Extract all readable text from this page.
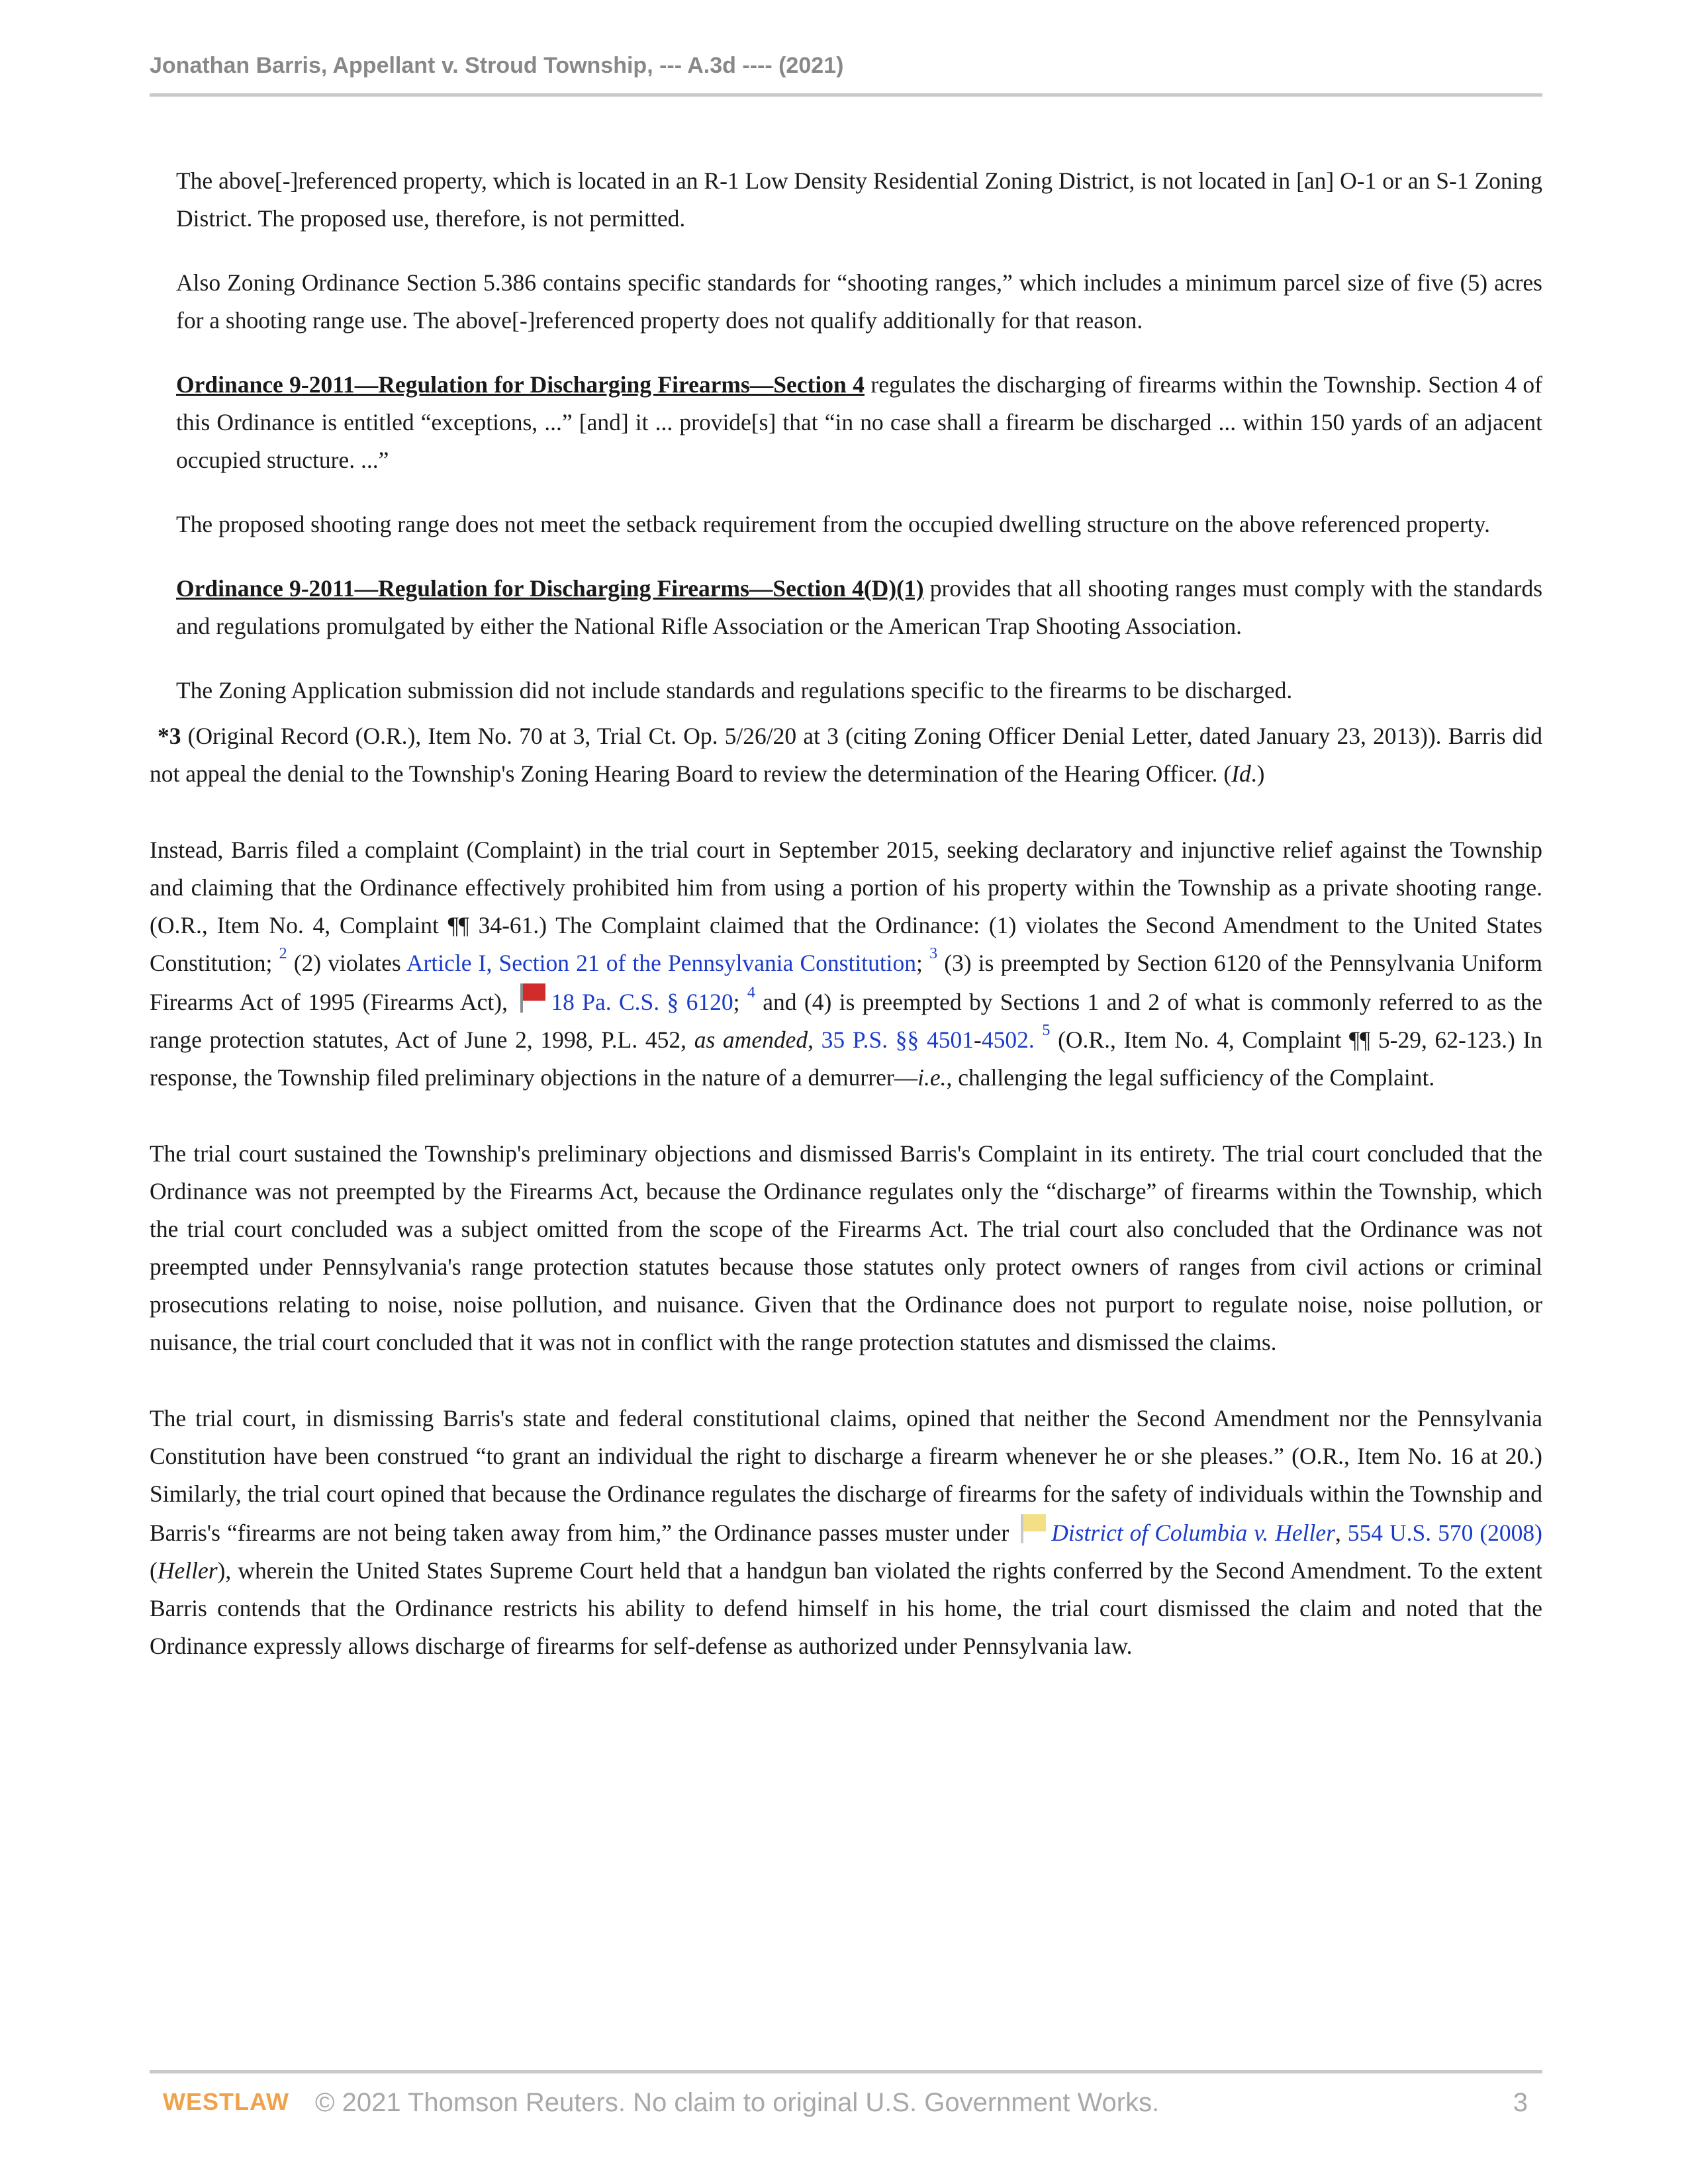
Jonathan Barris, Appellant v. Stroud Township, --- A.3d ---- (2021)

The above[-]referenced property, which is located in an R-1 Low Density Residential Zoning District, is not located in [an] O-1 or an S-1 Zoning District. The proposed use, therefore, is not permitted.

Also Zoning Ordinance Section 5.386 contains specific standards for “shooting ranges,” which includes a minimum parcel size of five (5) acres for a shooting range use. The above[-]referenced property does not qualify additionally for that reason.

Ordinance 9-2011—Regulation for Discharging Firearms—Section 4 regulates the discharging of firearms within the Township. Section 4 of this Ordinance is entitled “exceptions, ...” [and] it ... provide[s] that “in no case shall a firearm be discharged ... within 150 yards of an adjacent occupied structure. ...”

The proposed shooting range does not meet the setback requirement from the occupied dwelling structure on the above referenced property.

Ordinance 9-2011—Regulation for Discharging Firearms—Section 4(D)(1) provides that all shooting ranges must comply with the standards and regulations promulgated by either the National Rifle Association or the American Trap Shooting Association.

The Zoning Application submission did not include standards and regulations specific to the firearms to be discharged.

*3 (Original Record (O.R.), Item No. 70 at 3, Trial Ct. Op. 5/26/20 at 3 (citing Zoning Officer Denial Letter, dated January 23, 2013)). Barris did not appeal the denial to the Township's Zoning Hearing Board to review the determination of the Hearing Officer. (Id.)

Instead, Barris filed a complaint (Complaint) in the trial court in September 2015, seeking declaratory and injunctive relief against the Township and claiming that the Ordinance effectively prohibited him from using a portion of his property within the Township as a private shooting range. (O.R., Item No. 4, Complaint ¶¶ 34-61.) The Complaint claimed that the Ordinance: (1) violates the Second Amendment to the United States Constitution; $^2$ (2) violates Article I, Section 21 of the Pennsylvania Constitution; $^3$ (3) is preempted by Section 6120 of the Pennsylvania Uniform Firearms Act of 1995 (Firearms Act), 18 Pa. C.S. § 6120; $^4$ and (4) is preempted by Sections 1 and 2 of what is commonly referred to as the range protection statutes, Act of June 2, 1998, P.L. 452, as amended, 35 P.S. §§ 4501-4502. $^5$ (O.R., Item No. 4, Complaint ¶¶ 5-29, 62-123.) In response, the Township filed preliminary objections in the nature of a demurrer—i.e., challenging the legal sufficiency of the Complaint.

The trial court sustained the Township's preliminary objections and dismissed Barris's Complaint in its entirety. The trial court concluded that the Ordinance was not preempted by the Firearms Act, because the Ordinance regulates only the “discharge” of firearms within the Township, which the trial court concluded was a subject omitted from the scope of the Firearms Act. The trial court also concluded that the Ordinance was not preempted under Pennsylvania's range protection statutes because those statutes only protect owners of ranges from civil actions or criminal prosecutions relating to noise, noise pollution, and nuisance. Given that the Ordinance does not purport to regulate noise, noise pollution, or nuisance, the trial court concluded that it was not in conflict with the range protection statutes and dismissed the claims.

The trial court, in dismissing Barris's state and federal constitutional claims, opined that neither the Second Amendment nor the Pennsylvania Constitution have been construed “to grant an individual the right to discharge a firearm whenever he or she pleases.” (O.R., Item No. 16 at 20.) Similarly, the trial court opined that because the Ordinance regulates the discharge of firearms for the safety of individuals within the Township and Barris's “firearms are not being taken away from him,” the Ordinance passes muster under District of Columbia v. Heller, 554 U.S. 570 (2008) (Heller), wherein the United States Supreme Court held that a handgun ban violated the rights conferred by the Second Amendment. To the extent Barris contends that the Ordinance restricts his ability to defend himself in his home, the trial court dismissed the claim and noted that the Ordinance expressly allows discharge of firearms for self-defense as authorized under Pennsylvania law.

WESTLAW © 2021 Thomson Reuters. No claim to original U.S. Government Works.	3
